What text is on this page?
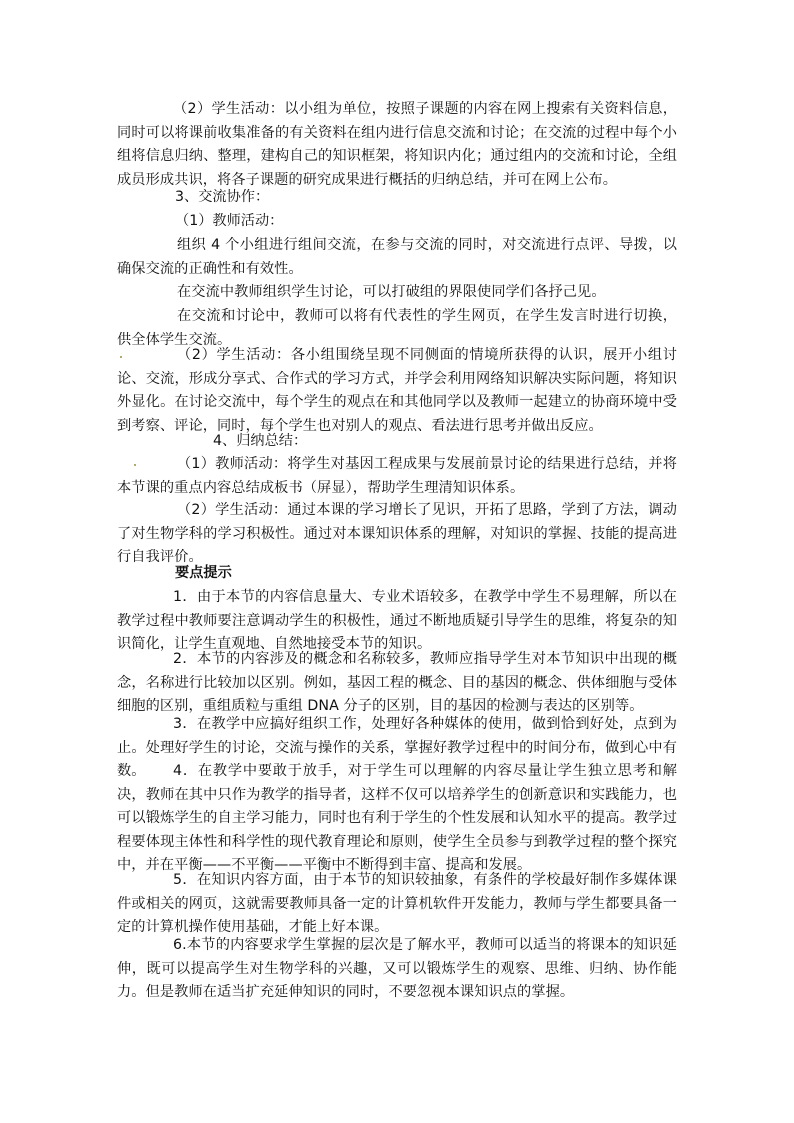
（2）学生活动：以小组为单位，按照子课题的内容在网上搜索有关资料信息，同时可以将课前收集准备的有关资料在组内进行信息交流和讨论；在交流的过程中每个小组将信息归纳、整理，建构自己的知识框架，将知识内化；通过组内的交流和讨论，全组成员形成共识，将各子课题的研究成果进行概括的归纳总结，并可在网上公布。

3、交流协作：

（1）教师活动：

组织 4 个小组进行组间交流，在参与交流的同时，对交流进行点评、导拨，以确保交流的正确性和有效性。

在交流中教师组织学生讨论，可以打破组的界限使同学们各抒己见。

在交流和讨论中，教师可以将有代表性的学生网页，在学生发言时进行切换，供全体学生交流。

（2）学生活动：各小组围绕呈现不同侧面的情境所获得的认识，展开小组讨论、交流，形成分享式、合作式的学习方式，并学会利用网络知识解决实际问题，将知识外显化。在讨论交流中，每个学生的观点在和其他同学以及教师一起建立的协商环境中受到考察、评论，同时，每个学生也对别人的观点、看法进行思考并做出反应。

4、归纳总结：

（1）教师活动：将学生对基因工程成果与发展前景讨论的结果进行总结，并将本节课的重点内容总结成板书（屏显），帮助学生理清知识体系。

（2）学生活动：通过本课的学习增长了见识，开拓了思路，学到了方法，调动了对生物学科的学习积极性。通过对本课知识体系的理解，对知识的掌握、技能的提高进行自我评价。

要点提示

1．由于本节的内容信息量大、专业术语较多，在教学中学生不易理解，所以在教学过程中教师要注意调动学生的积极性，通过不断地质疑引导学生的思维，将复杂的知识简化，让学生直观地、自然地接受本节的知识。

2．本节的内容涉及的概念和名称较多，教师应指导学生对本节知识中出现的概念，名称进行比较加以区别。例如，基因工程的概念、目的基因的概念、供体细胞与受体细胞的区别，重组质粒与重组 DNA 分子的区别，目的基因的检测与表达的区别等。

3．在教学中应搞好组织工作，处理好各种媒体的使用，做到恰到好处，点到为止。处理好学生的讨论，交流与操作的关系，掌握好教学过程中的时间分布，做到心中有数。	4．在教学中要敢于放手，对于学生可以理解的内容尽量让学生独立思考和解决，教师在其中只作为教学的指导者，这样不仅可以培养学生的创新意识和实践能力，也可以锻炼学生的自主学习能力，同时也有利于学生的个性发展和认知水平的提高。教学过程要体现主体性和科学性的现代教育理论和原则，使学生全员参与到教学过程的整个探究中，并在平衡——不平衡——平衡中不断得到丰富、提高和发展。

5．在知识内容方面，由于本节的知识较抽象，有条件的学校最好制作多媒体课件或相关的网页，这就需要教师具备一定的计算机软件开发能力，教师与学生都要具备一定的计算机操作使用基础，才能上好本课。

6.本节的内容要求学生掌握的层次是了解水平，教师可以适当的将课本的知识延伸，既可以提高学生对生物学科的兴趣，又可以锻炼学生的观察、思维、归纳、协作能力。但是教师在适当扩充延伸知识的同时，不要忽视本课知识点的掌握。
